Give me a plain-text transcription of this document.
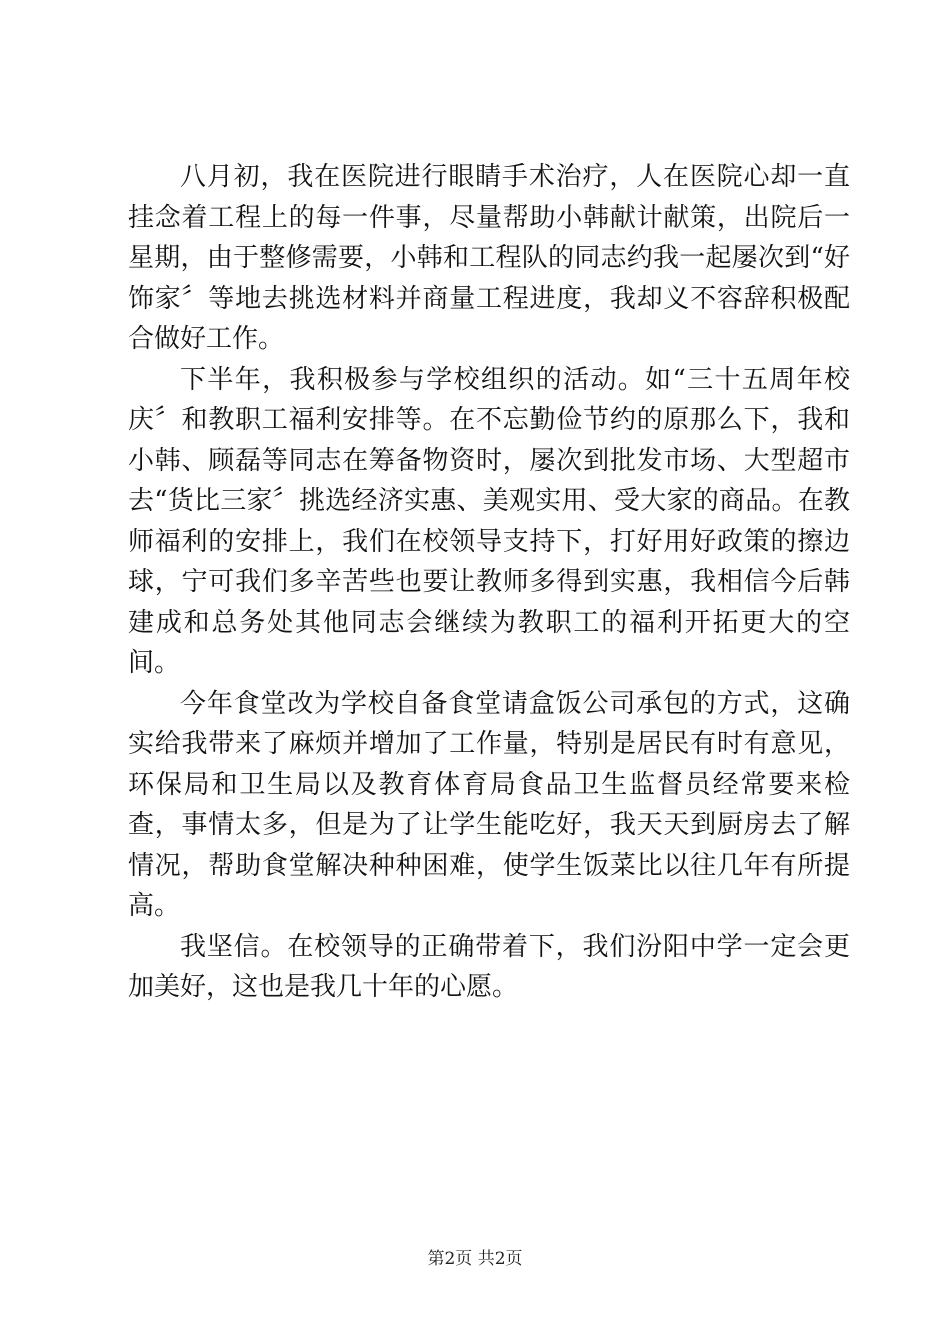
八月初，我在医院进行眼睛手术治疗，人在医院心却一直挂念着工程上的每一件事，尽量帮助小韩献计献策，出院后一星期，由于整修需要，小韩和工程队的同志约我一起屡次到“好饰家〞等地去挑选材料并商量工程进度，我却义不容辞积极配合做好工作。

下半年，我积极参与学校组织的活动。如“三十五周年校庆〞和教职工福利安排等。在不忘勤俭节约的原那么下，我和小韩、顾磊等同志在筹备物资时，屡次到批发市场、大型超市去“货比三家〞挑选经济实惠、美观实用、受大家的商品。在教师福利的安排上，我们在校领导支持下，打好用好政策的擦边球，宁可我们多辛苦些也要让教师多得到实惠，我相信今后韩建成和总务处其他同志会继续为教职工的福利开拓更大的空间。

今年食堂改为学校自备食堂请盒饭公司承包的方式，这确实给我带来了麻烦并增加了工作量，特别是居民有时有意见，环保局和卫生局以及教育体育局食品卫生监督员经常要来检查，事情太多，但是为了让学生能吃好，我天天到厨房去了解情况，帮助食堂解决种种困难，使学生饭菜比以往几年有所提高。

我坚信。在校领导的正确带着下，我们汾阳中学一定会更加美好，这也是我几十年的心愿。

第2页 共2页
